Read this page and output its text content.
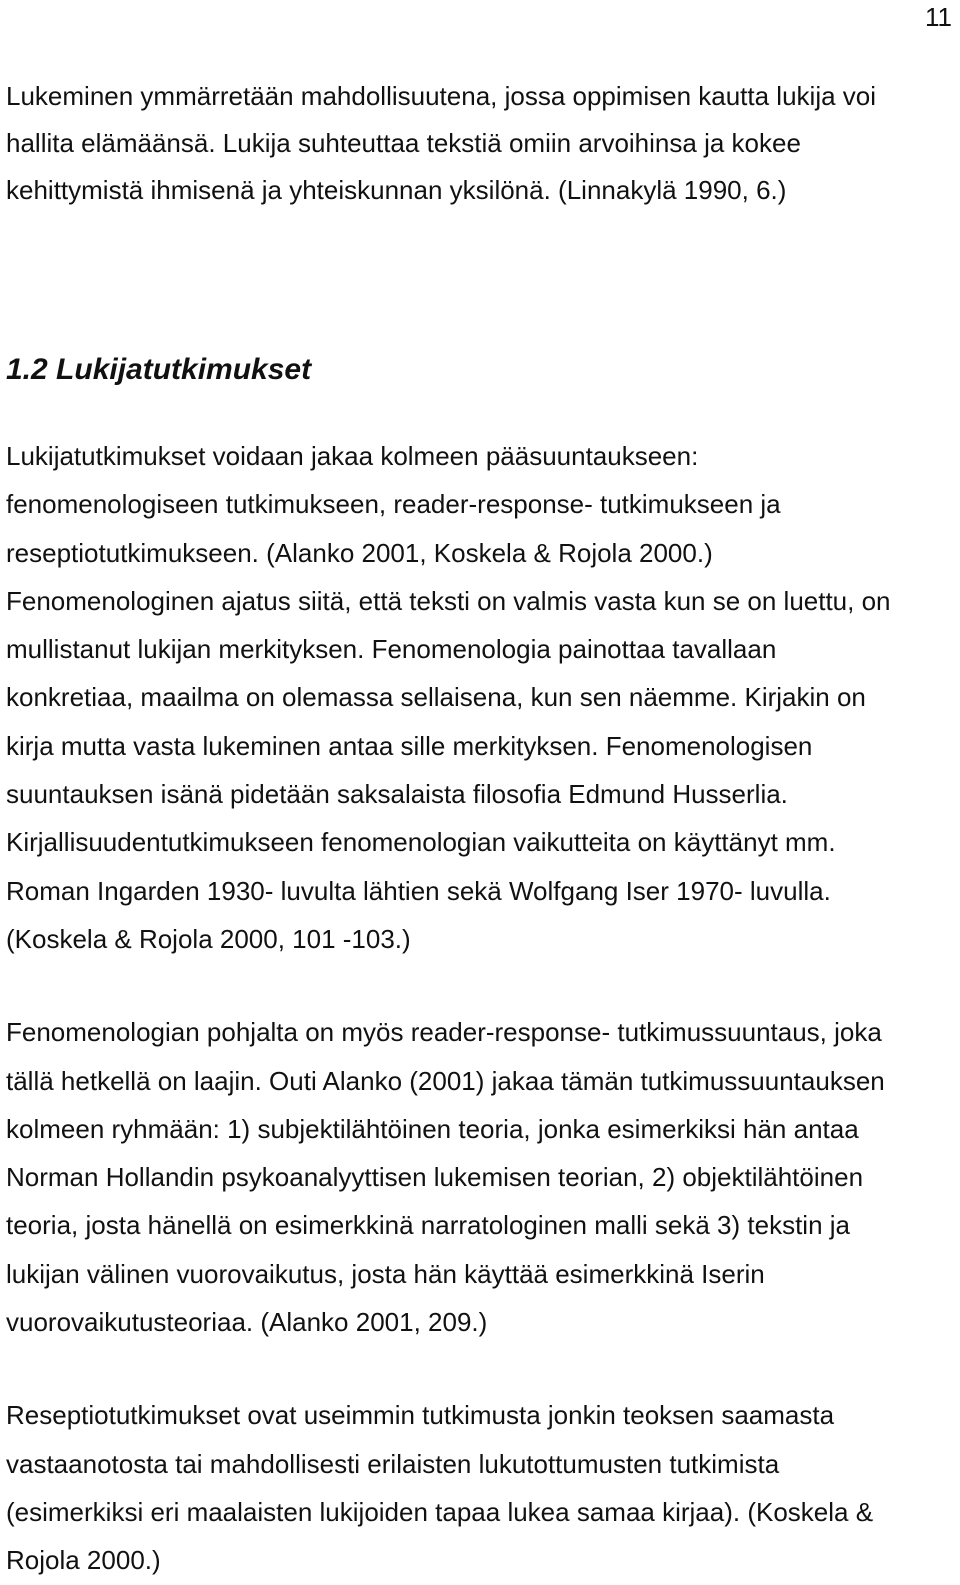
11

Lukeminen ymmärretään mahdollisuutena, jossa oppimisen kautta lukija voi
hallita elämäänsä. Lukija suhteuttaa tekstiä omiin arvoihinsa ja kokee
kehittymistä ihmisenä ja yhteiskunnan yksilönä. (Linnakylä 1990, 6.)

1.2 Lukijatutkimukset

Lukijatutkimukset voidaan jakaa kolmeen pääsuuntaukseen:
fenomenologiseen tutkimukseen, reader-response- tutkimukseen ja
reseptiotutkimukseen. (Alanko 2001, Koskela & Rojola 2000.)
Fenomenologinen ajatus siitä, että teksti on valmis vasta kun se on luettu, on
mullistanut lukijan merkityksen. Fenomenologia painottaa tavallaan
konkretiaa, maailma on olemassa sellaisena, kun sen näemme. Kirjakin on
kirja mutta vasta lukeminen antaa sille merkityksen. Fenomenologisen
suuntauksen isänä pidetään saksalaista filosofia Edmund Husserlia.
Kirjallisuudentutkimukseen fenomenologian vaikutteita on käyttänyt mm.
Roman Ingarden 1930- luvulta lähtien sekä Wolfgang Iser 1970- luvulla.
(Koskela & Rojola 2000, 101 -103.)

Fenomenologian pohjalta on myös reader-response- tutkimussuuntaus, joka
tällä hetkellä on laajin. Outi Alanko (2001) jakaa tämän tutkimussuuntauksen
kolmeen ryhmään: 1) subjektilähtöinen teoria, jonka esimerkiksi hän antaa
Norman Hollandin psykoanalyyttisen lukemisen teorian, 2) objektilähtöinen
teoria, josta hänellä on esimerkkinä narratologinen malli sekä 3) tekstin ja
lukijan välinen vuorovaikutus, josta hän käyttää esimerkkinä Iserin
vuorovaikutusteoriaa. (Alanko 2001, 209.)

Reseptiotutkimukset ovat useimmin tutkimusta jonkin teoksen saamasta
vastaanotosta tai mahdollisesti erilaisten lukutottumusten tutkimista
(esimerkiksi eri maalaisten lukijoiden tapaa lukea samaa kirjaa). (Koskela &
Rojola 2000.)
